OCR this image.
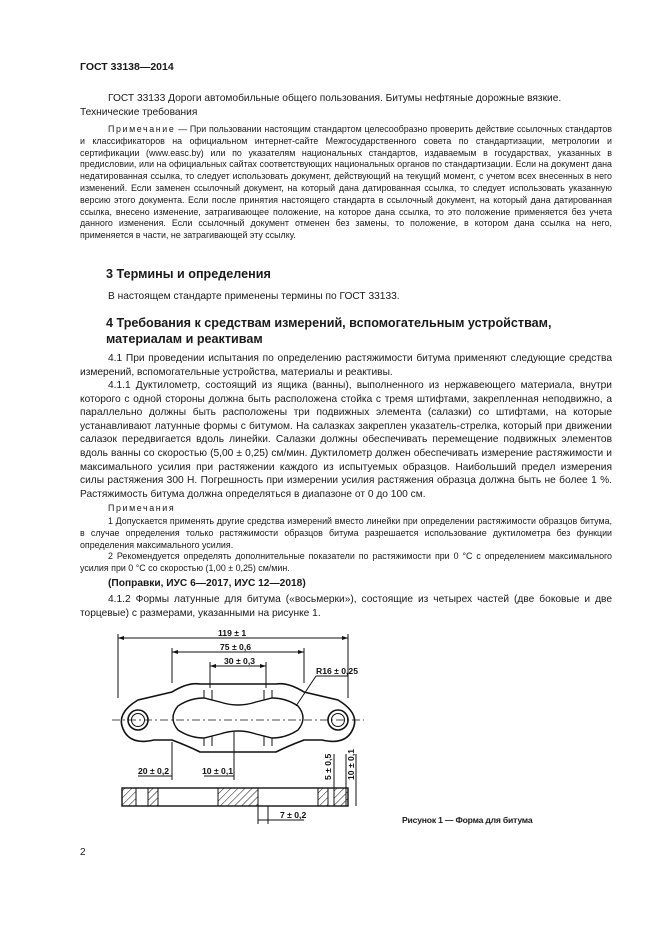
ГОСТ 33138—2014

ГОСТ 33133 Дороги автомобильные общего пользования. Битумы нефтяные дорожные вязкие.
Технические требования

Примечание — При пользовании настоящим стандартом целесообразно проверить действие ссылочных стандартов и классификаторов на официальном интернет-сайте Межгосударственного совета по стандартизации, метрологии и сертификации (www.easc.by) или по указателям национальных стандартов, издаваемым в государствах, указанных в предисловии, или на официальных сайтах соответствующих национальных органов по стандартизации. Если на документ дана недатированная ссылка, то следует использовать документ, действующий на текущий момент, с учетом всех внесенных в него изменений. Если заменен ссылочный документ, на который дана датированная ссылка, то следует использовать указанную версию этого документа. Если после принятия настоящего стандарта в ссылочный документ, на который дана датированная ссылка, внесено изменение, затрагивающее положение, на которое дана ссылка, то это положение применяется без учета данного изменения. Если ссылочный документ отменен без замены, то положение, в котором дана ссылка на него, применяется в части, не затрагивающей эту ссылку.

3 Термины и определения

В настоящем стандарте применены термины по ГОСТ 33133.

4 Требования к средствам измерений, вспомогательным устройствам, материалам и реактивам

4.1 При проведении испытания по определению растяжимости битума применяют следующие средства измерений, вспомогательные устройства, материалы и реактивы.

4.1.1 Дуктилометр, состоящий из ящика (ванны), выполненного из нержавеющего материала, внутри которого с одной стороны должна быть расположена стойка с тремя штифтами, закрепленная неподвижно, а параллельно должны быть расположены три подвижных элемента (салазки) со штифтами, на которые устанавливают латунные формы с битумом. На салазках закреплен указатель-стрелка, который при движении салазок передвигается вдоль линейки. Салазки должны обеспечивать перемещение подвижных элементов вдоль ванны со скоростью (5,00 ± 0,25) см/мин. Дуктилометр должен обеспечивать измерение растяжимости и максимального усилия при растяжении каждого из испытуемых образцов. Наибольший предел измерения силы растяжения 300 Н. Погрешность при измерении усилия растяжения образца должна быть не более 1 %. Растяжимость битума должна определяться в диапазоне от 0 до 100 см.

Примечания

1 Допускается применять другие средства измерений вместо линейки при определении растяжимости образцов битума, в случае определения только растяжимости образцов битума разрешается использование дуктилометра без функции определения максимального усилия.

2 Рекомендуется определять дополнительные показатели по растяжимости при 0 °С с определением максимального усилия при 0 °С со скоростью (1,00 ± 0,25) см/мин.

(Поправки, ИУС 6—2017, ИУС 12—2018)

4.1.2 Формы латунные для битума («восьмерки»), состоящие из четырех частей (две боковые и две торцевые) с размерами, указанными на рисунке 1.

119 ± 1
75 ± 0,6
30 ± 0,3
R16 ± 0,25
20 ± 0,2	10 ± 0,1
7 ± 0,2
5 ± 0,5 10 ± 0,1
Рисунок 1 — Форма для битума
2
